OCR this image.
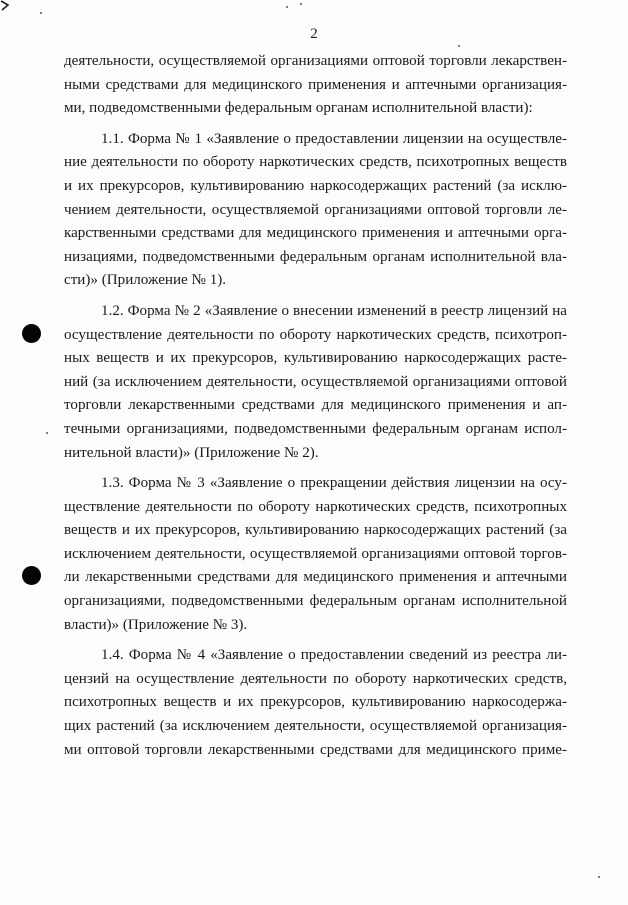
2
деятельности, осуществляемой организациями оптовой торговли лекарствен-
ными средствами для медицинского применения и аптечными организация-
ми, подведомственными федеральным органам исполнительной власти):
1.1. Форма № 1 «Заявление о предоставлении лицензии на осуществле-
ние деятельности по обороту наркотических средств, психотропных веществ
и их прекурсоров, культивированию наркосодержащих растений (за исклю-
чением деятельности, осуществляемой организациями оптовой торговли ле-
карственными средствами для медицинского применения и аптечными орга-
низациями, подведомственными федеральным органам исполнительной вла-
сти)» (Приложение № 1).
1.2. Форма № 2 «Заявление о внесении изменений в реестр лицензий на
осуществление деятельности по обороту наркотических средств, психотроп-
ных веществ и их прекурсоров, культивированию наркосодержащих расте-
ний (за исключением деятельности, осуществляемой организациями оптовой
торговли лекарственными средствами для медицинского применения и ап-
течными организациями, подведомственными федеральным органам испол-
нительной власти)» (Приложение № 2).
1.3. Форма № 3 «Заявление о прекращении действия лицензии на осу-
ществление деятельности по обороту наркотических средств, психотропных
веществ и их прекурсоров, культивированию наркосодержащих растений (за
исключением деятельности, осуществляемой организациями оптовой торгов-
ли лекарственными средствами для медицинского применения и аптечными
организациями, подведомственными федеральным органам исполнительной
власти)» (Приложение № 3).
1.4. Форма № 4 «Заявление о предоставлении сведений из реестра ли-
цензий на осуществление деятельности по обороту наркотических средств,
психотропных веществ и их прекурсоров, культивированию наркосодержа-
щих растений (за исключением деятельности, осуществляемой организация-
ми оптовой торговли лекарственными средствами для медицинского приме-
